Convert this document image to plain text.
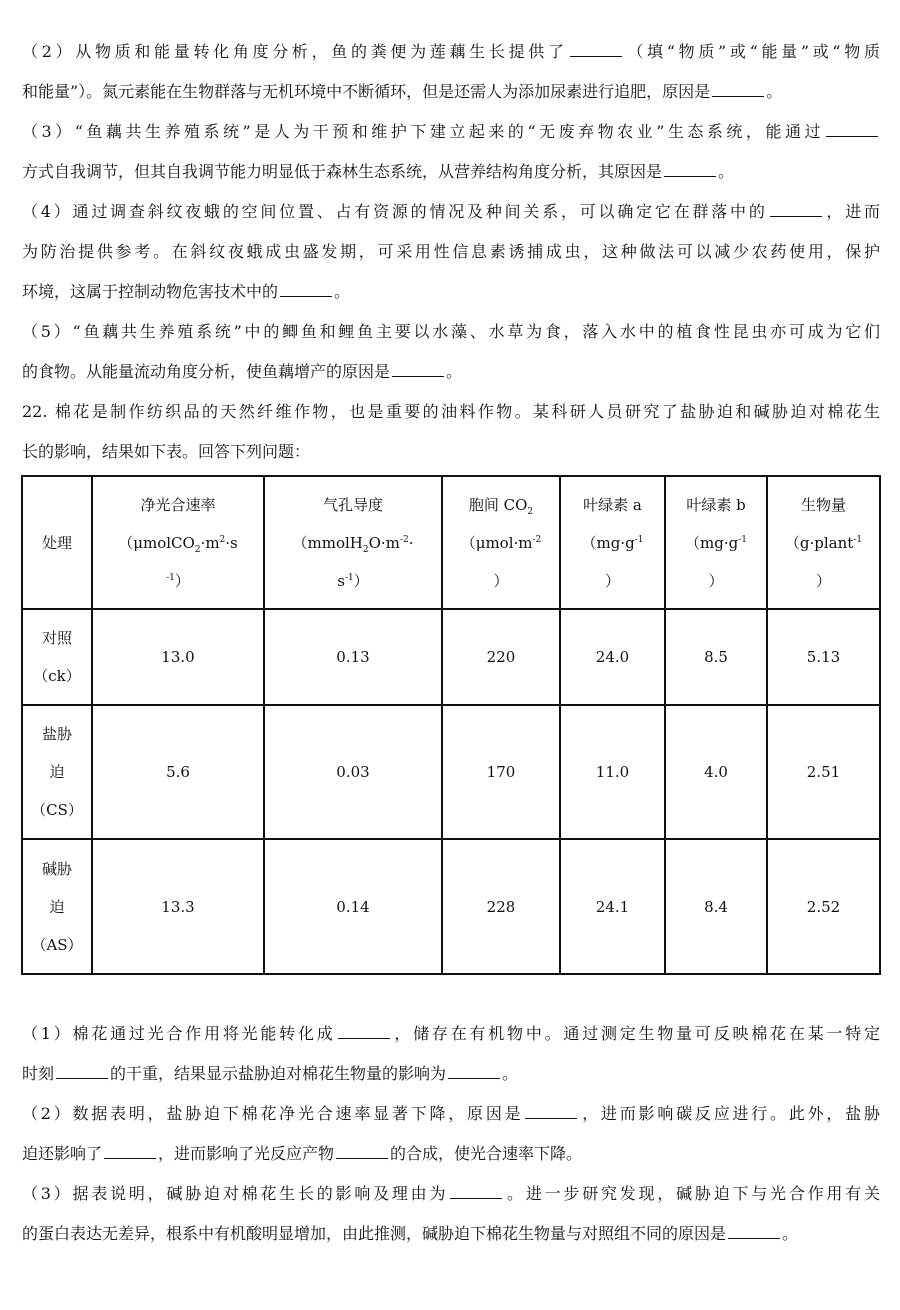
（2）从物质和能量转化角度分析，鱼的粪便为莲藕生长提供了	（填“物质”或“能量”或“物质
和能量”）。氮元素能在生物群落与无机环境中不断循环，但是还需人为添加尿素进行追肥，原因是	。
（3）“鱼藕共生养殖系统”是人为干预和维护下建立起来的“无废弃物农业”生态系统，能通过
方式自我调节，但其自我调节能力明显低于森林生态系统，从营养结构角度分析，其原因是	。
（4）通过调查斜纹夜蛾的空间位置、占有资源的情况及种间关系，可以确定它在群落中的	，进而
为防治提供参考。在斜纹夜蛾成虫盛发期，可采用性信息素诱捕成虫，这种做法可以减少农药使用，保护
环境，这属于控制动物危害技术中的	。
（5）“鱼藕共生养殖系统”中的鲫鱼和鲤鱼主要以水藻、水草为食，落入水中的植食性昆虫亦可成为它们
的食物。从能量流动角度分析，使鱼藕增产的原因是	。
22. 棉花是制作纺织品的天然纤维作物，也是重要的油料作物。某科研人员研究了盐胁迫和碱胁迫对棉花生
长的影响，结果如下表。回答下列问题：
处理	净光合速率
（$\mu molCO_2\cdot m^2\cdot s$
$^{-1}$）	气孔导度
（$mmolH_2O\cdot m^{-2}\cdot$
$s^{-1}$）	胞间 $CO_2$
（$\mu mol\cdot m^{-2}$
）	叶绿素 a
（$mg\cdot g^{-1}$
）	叶绿素 b
（$mg\cdot g^{-1}$
）	生物量
（g·plant$^{-1}$
）

对照
（ck）	13.0	0.13	220	24.0	8.5	5.13

盐胁
迫
（CS）	5.6	0.03	170	11.0	4.0	2.51

碱胁
迫
（AS）	13.3	0.14	228	24.1	8.4	2.52
（1）棉花通过光合作用将光能转化成	，储存在有机物中。通过测定生物量可反映棉花在某一特定
时刻	的干重，结果显示盐胁迫对棉花生物量的影响为	。
（2）数据表明，盐胁迫下棉花净光合速率显著下降，原因是	，进而影响碳反应进行。此外，盐胁
迫还影响了	，进而影响了光反应产物	的合成，使光合速率下降。
（3）据表说明，碱胁迫对棉花生长的影响及理由为	。进一步研究发现，碱胁迫下与光合作用有关
的蛋白表达无差异，根系中有机酸明显增加，由此推测，碱胁迫下棉花生物量与对照组不同的原因是	。
